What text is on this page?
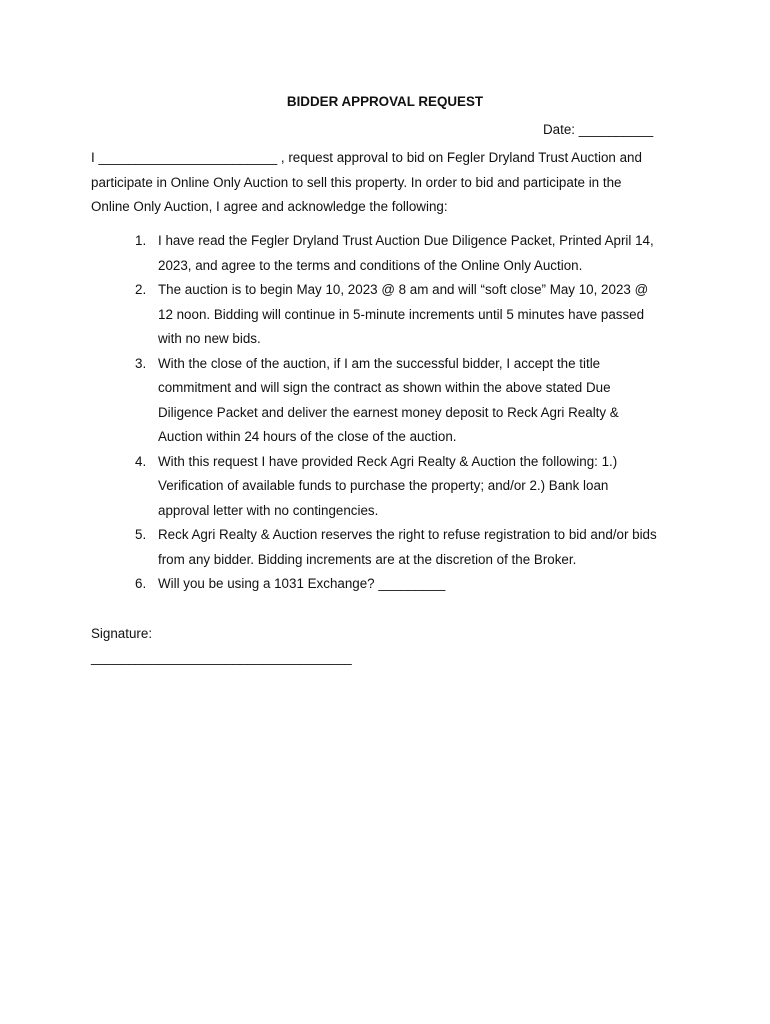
BIDDER APPROVAL REQUEST
Date: __________
I ________________________ , request approval to bid on Fegler Dryland Trust Auction and
participate in Online Only Auction to sell this property. In order to bid and participate in the
Online Only Auction, I agree and acknowledge the following:
1. I have read the Fegler Dryland Trust Auction Due Diligence Packet, Printed April 14,
2023, and agree to the terms and conditions of the Online Only Auction.
2. The auction is to begin May 10, 2023 @ 8 am and will “soft close” May 10, 2023 @
12 noon. Bidding will continue in 5-minute increments until 5 minutes have passed
with no new bids.
3. With the close of the auction, if I am the successful bidder, I accept the title
commitment and will sign the contract as shown within the above stated Due
Diligence Packet and deliver the earnest money deposit to Reck Agri Realty &
Auction within 24 hours of the close of the auction.
4. With this request I have provided Reck Agri Realty & Auction the following: 1.)
Verification of available funds to purchase the property; and/or 2.) Bank loan
approval letter with no contingencies.
5. Reck Agri Realty & Auction reserves the right to refuse registration to bid and/or bids
from any bidder. Bidding increments are at the discretion of the Broker.
6. Will you be using a 1031 Exchange? _________
Signature:
___________________________________
